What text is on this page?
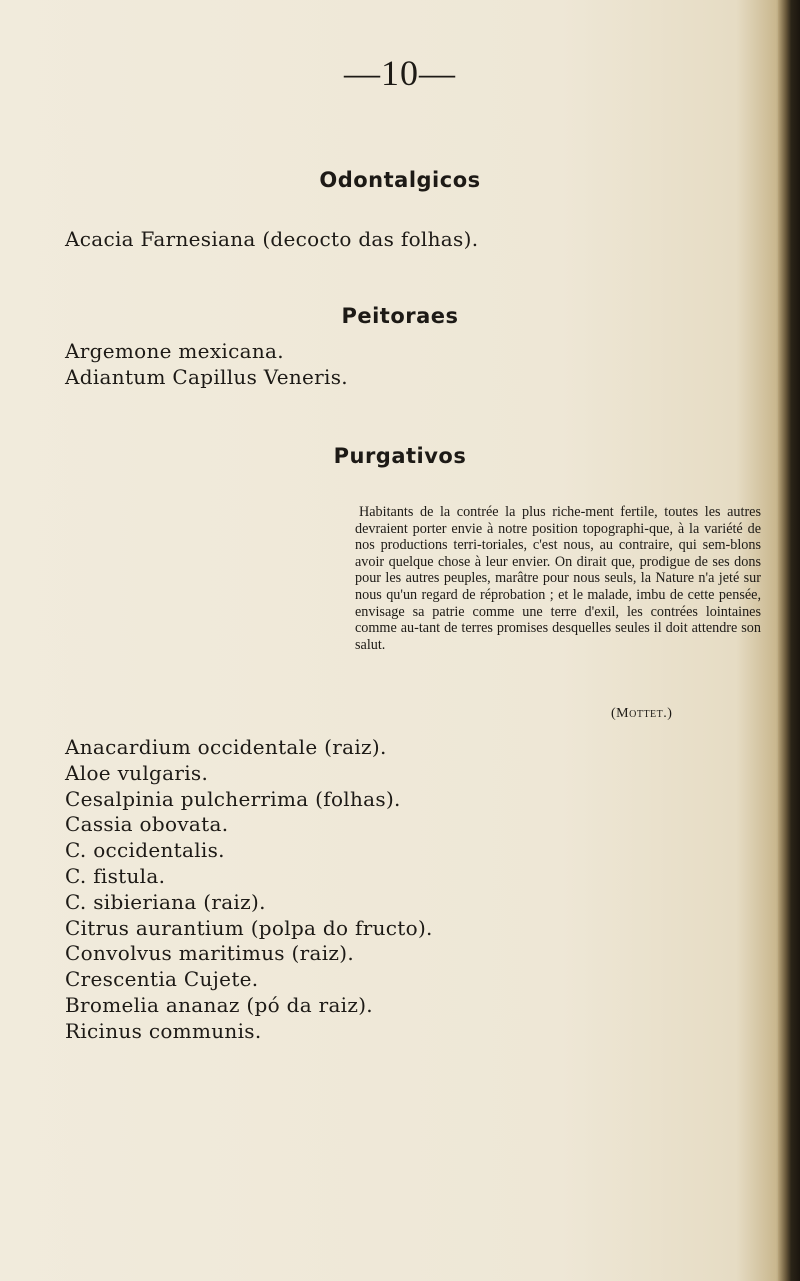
—10—
Odontalgicos
Acacia Farnesiana (decocto das folhas).
Peitoraes
Argemone mexicana.
Adiantum Capillus Veneris.
Purgativos
Habitants de la contrée la plus riche-ment fertile, toutes les autres devraient porter envie à notre position topographi-que, à la variété de nos productions terri-toriales, c'est nous, au contraire, qui sem-blons avoir quelque chose à leur envier. On dirait que, prodigue de ses dons pour les autres peuples, marâtre pour nous seuls, la Nature n'a jeté sur nous qu'un regard de réprobation ; et le malade, imbu de cette pensée, envisage sa patrie comme une terre d'exil, les contrées lointaines comme au-tant de terres promises desquelles seules il doit attendre son salut.
(Mottet.)
Anacardium occidentale (raiz).
Aloe vulgaris.
Cesalpinia pulcherrima (folhas).
Cassia obovata.
C. occidentalis.
C. fistula.
C. sibieriana (raiz).
Citrus aurantium (polpa do fructo).
Convolvus maritimus (raiz).
Crescentia Cujete.
Bromelia ananaz (pó da raiz).
Ricinus communis.
